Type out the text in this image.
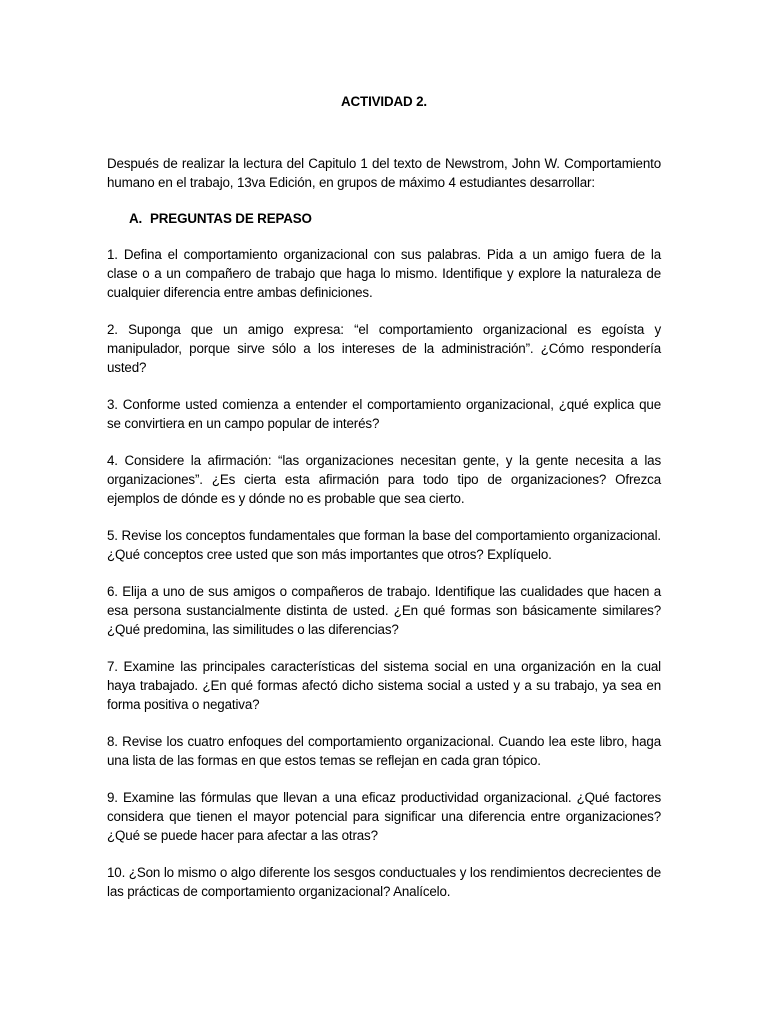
ACTIVIDAD 2.

Después de realizar la lectura del Capitulo 1 del texto de Newstrom, John W. Comportamiento humano en el trabajo, 13va Edición, en grupos de máximo 4 estudiantes desarrollar:

A. PREGUNTAS DE REPASO

1. Defina el comportamiento organizacional con sus palabras. Pida a un amigo fuera de la clase o a un compañero de trabajo que haga lo mismo. Identifique y explore la naturaleza de cualquier diferencia entre ambas definiciones.

2. Suponga que un amigo expresa: “el comportamiento organizacional es egoísta y manipulador, porque sirve sólo a los intereses de la administración”. ¿Cómo respondería usted?

3. Conforme usted comienza a entender el comportamiento organizacional, ¿qué explica que se convirtiera en un campo popular de interés?

4. Considere la afirmación: “las organizaciones necesitan gente, y la gente necesita a las organizaciones”. ¿Es cierta esta afirmación para todo tipo de organizaciones? Ofrezca ejemplos de dónde es y dónde no es probable que sea cierto.

5. Revise los conceptos fundamentales que forman la base del comportamiento organizacional. ¿Qué conceptos cree usted que son más importantes que otros? Explíquelo.

6. Elija a uno de sus amigos o compañeros de trabajo. Identifique las cualidades que hacen a esa persona sustancialmente distinta de usted. ¿En qué formas son básicamente similares? ¿Qué predomina, las similitudes o las diferencias?

7. Examine las principales características del sistema social en una organización en la cual haya trabajado. ¿En qué formas afectó dicho sistema social a usted y a su trabajo, ya sea en forma positiva o negativa?

8. Revise los cuatro enfoques del comportamiento organizacional. Cuando lea este libro, haga una lista de las formas en que estos temas se reflejan en cada gran tópico.

9. Examine las fórmulas que llevan a una eficaz productividad organizacional. ¿Qué factores considera que tienen el mayor potencial para significar una diferencia entre organizaciones? ¿Qué se puede hacer para afectar a las otras?

10. ¿Son lo mismo o algo diferente los sesgos conductuales y los rendimientos decrecientes de las prácticas de comportamiento organizacional? Analícelo.
